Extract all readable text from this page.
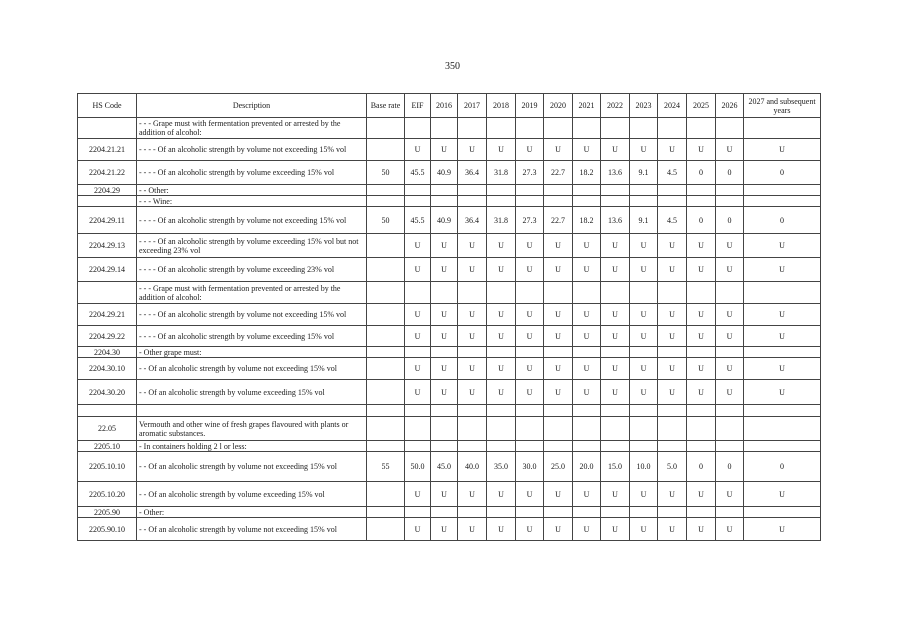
350
HS Code	Description	Base rate	EIF	2016	2017	2018	2019	2020	2021	2022	2023	2024	2025	2026	2027 and subsequent years
	- - - Grape must with fermentation prevented or arrested by the addition of alcohol:														
2204.21.21	- - - - Of an alcoholic strength by volume not exceeding 15% vol		U	U	U	U	U	U	U	U	U	U	U	U	U
2204.21.22	- - - - Of an alcoholic strength by volume exceeding 15% vol	50	45.5	40.9	36.4	31.8	27.3	22.7	18.2	13.6	9.1	4.5	0	0	0
2204.29	- - Other:														
	- - - Wine:														
2204.29.11	- - - - Of an alcoholic strength by volume not exceeding 15% vol	50	45.5	40.9	36.4	31.8	27.3	22.7	18.2	13.6	9.1	4.5	0	0	0
2204.29.13	- - - - Of an alcoholic strength by volume exceeding 15% vol but not exceeding 23% vol		U	U	U	U	U	U	U	U	U	U	U	U	U
2204.29.14	- - - - Of an alcoholic strength by volume exceeding 23% vol		U	U	U	U	U	U	U	U	U	U	U	U	U
	- - - Grape must with fermentation prevented or arrested by the addition of alcohol:														
2204.29.21	- - - - Of an alcoholic strength by volume not exceeding 15% vol		U	U	U	U	U	U	U	U	U	U	U	U	U
2204.29.22	- - - - Of an alcoholic strength by volume exceeding 15% vol		U	U	U	U	U	U	U	U	U	U	U	U	U
2204.30	- Other grape must:														
2204.30.10	- - Of an alcoholic strength by volume not exceeding 15% vol		U	U	U	U	U	U	U	U	U	U	U	U	U
2204.30.20	- - Of an alcoholic strength by volume exceeding 15% vol		U	U	U	U	U	U	U	U	U	U	U	U	U

22.05	Vermouth and other wine of fresh grapes flavoured with plants or aromatic substances.														
2205.10	- In containers holding 2 l or less:														
2205.10.10	- - Of an alcoholic strength by volume not exceeding 15% vol	55	50.0	45.0	40.0	35.0	30.0	25.0	20.0	15.0	10.0	5.0	0	0	0
2205.10.20	- - Of an alcoholic strength by volume exceeding 15% vol		U	U	U	U	U	U	U	U	U	U	U	U	U
2205.90	- Other:														
2205.90.10	- - Of an alcoholic strength by volume not exceeding 15% vol		U	U	U	U	U	U	U	U	U	U	U	U	U
